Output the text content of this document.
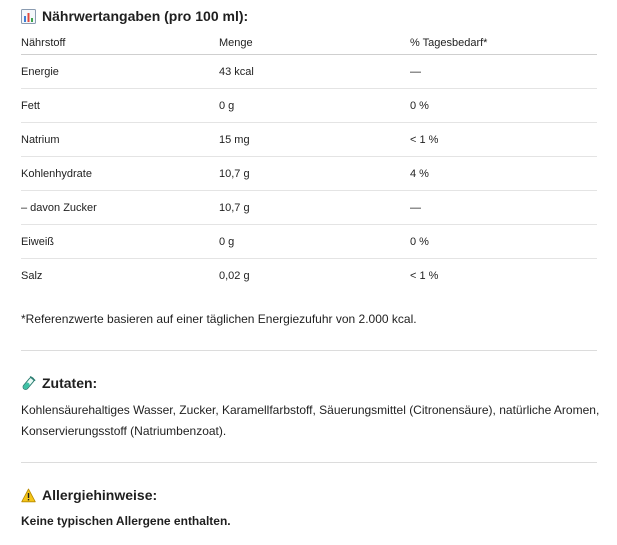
Nährwertangaben (pro 100 ml):
Nährstoff	Menge	% Tagesbedarf*
Energie	43 kcal	—
Fett	0 g	0 %
Natrium	15 mg	< 1 %
Kohlenhydrate	10,7 g	4 %
– davon Zucker	10,7 g	—
Eiweiß	0 g	0 %
Salz	0,02 g	< 1 %
*Referenzwerte basieren auf einer täglichen Energiezufuhr von 2.000 kcal.
Zutaten:
Kohlensäurehaltiges Wasser, Zucker, Karamellfarbstoff, Säuerungsmittel (Citronensäure), natürliche Aromen, Konservierungsstoff (Natriumbenzoat).
Allergiehinweise:
Keine typischen Allergene enthalten.
